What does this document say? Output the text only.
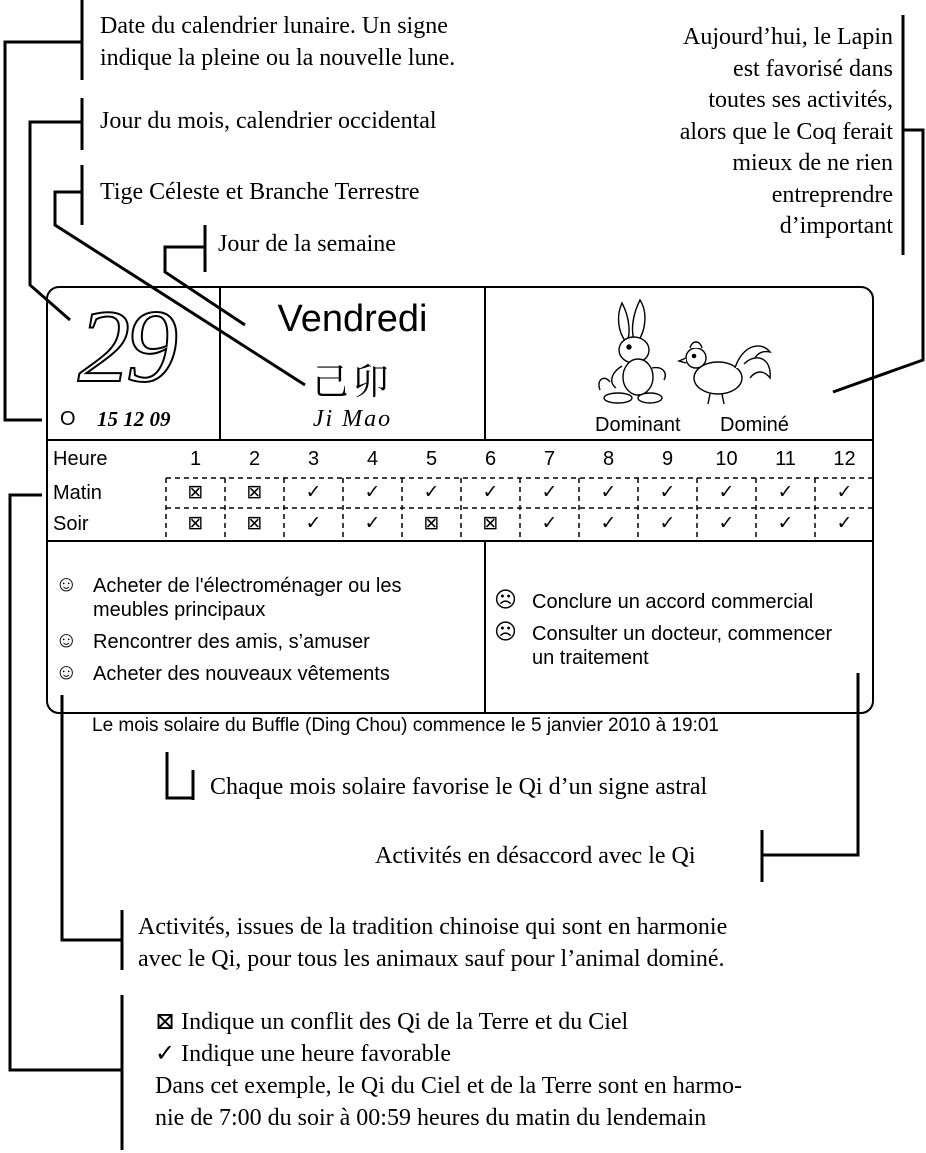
Date du calendrier lunaire. Un signe
indique la pleine ou la nouvelle lune.
Jour du mois, calendrier occidental
Tige Céleste et Branche Terrestre
Jour de la semaine
Aujourd’hui, le Lapin
est favorisé dans
toutes ses activités,
alors que le Coq ferait
mieux de ne rien
entreprendre
d’important
29
O 15 12 09
Vendredi
己卯
Ji Mao	Dominant Dominé
Heure	1	2	3	4	5	6	7	8	9	10	11	12
Matin	⊠	⊠	✓	✓	✓	✓	✓	✓	✓	✓	✓	✓
Soir	⊠	⊠	✓	✓	⊠	⊠	✓	✓	✓	✓	✓	✓
☺ Acheter de l'électroménager ou les
meubles principaux
☺ Rencontrer des amis, s’amuser
☺ Acheter des nouveaux vêtements
☹ Conclure un accord commercial
☹ Consulter un docteur, commencer
un traitement
Le mois solaire du Buffle (Ding Chou) commence le 5 janvier 2010 à 19:01
Chaque mois solaire favorise le Qi d’un signe astral
Activités en désaccord avec le Qi
Activités, issues de la tradition chinoise qui sont en harmonie
avec le Qi, pour tous les animaux sauf pour l’animal dominé.
⊠ Indique un conflit des Qi de la Terre et du Ciel
✓ Indique une heure favorable
Dans cet exemple, le Qi du Ciel et de la Terre sont en harmo-
nie de 7:00 du soir à 00:59 heures du matin du lendemain
